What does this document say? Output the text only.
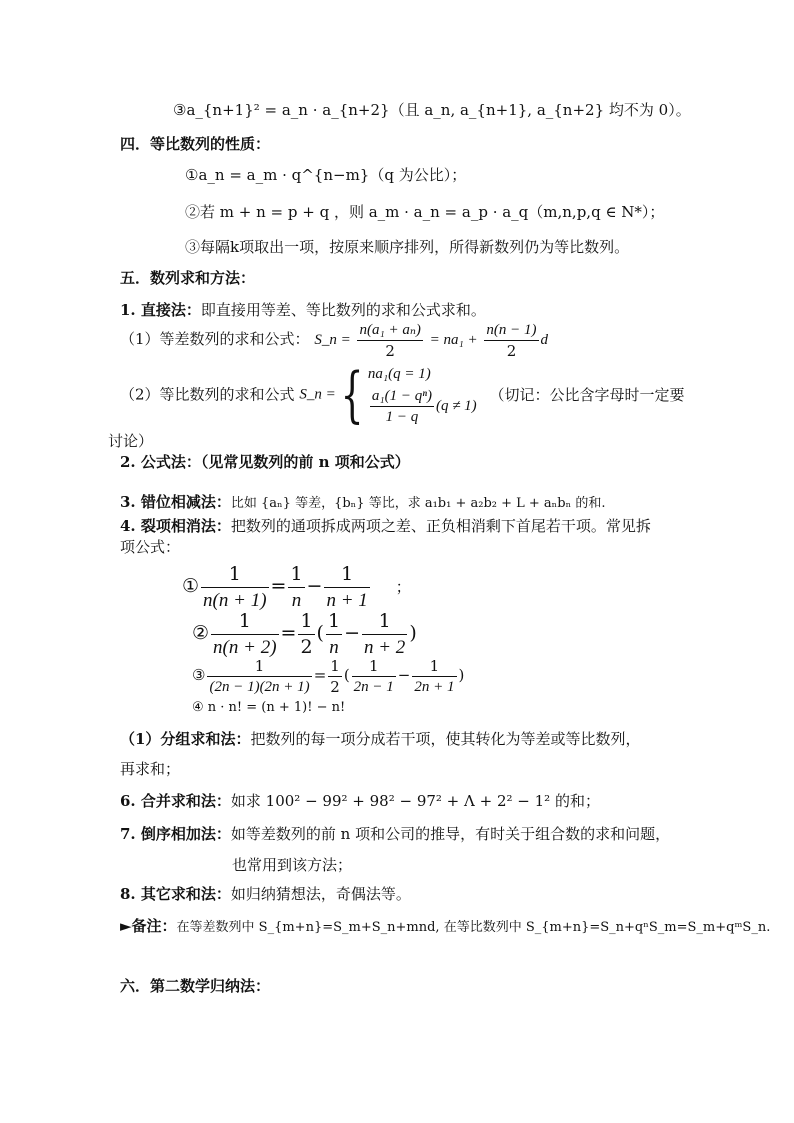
③a_{n+1}² = a_n · a_{n+2}（且 a_n, a_{n+1}, a_{n+2} 均不为 0）。
四．等比数列的性质：
①a_n = a_m · q^{n−m}（q 为公比）；
②若 m + n = p + q ，则 a_m · a_n = a_p · a_q（m,n,p,q ∈ N*）；
③每隔k项取出一项，按原来顺序排列，所得新数列仍为等比数列。
五．数列求和方法：
1. 直接法：即直接用等差、等比数列的求和公式求和。
（1）等差数列的求和公式： S_n = $\frac{\text{n(a₁ + aₙ)}}{2} = na_1 + \frac{n(n - 1)}{2}$ d
（2）等比数列的求和公式 S_n ={ na₁(q = 1)
$\frac{\text{a₁(1 − qⁿ)}}{1 - q} (q \ne 1)$
（切记：公比含字母时一定要
讨论）
2. 公式法：（见常见数列的前 n 项和公式）
3. 错位相减法：比如 {aₙ} 等差，{bₙ} 等比，求 a₁b₁ + a₂b₂ + L + aₙbₙ 的和.
4. 裂项相消法：把数列的通项拆成两项之差、正负相消剩下首尾若干项。常见拆
项公式：
① $\frac{1}{n(n + 1)} = \frac{1}{n} - \frac{1}{n + 1}$ ；
② $\frac{1}{n(n + 2)} = \frac{1}{2}$ ( $\frac{1}{n} - \frac{1}{n + 2}$ )
③ $\frac{1}{(2n - 1)(2n + 1)} = \frac{1}{2}$ ( $\frac{1}{2n - 1} - \frac{1}{2n + 1}$ )
④ n · n! = (n + 1)! − n!
（1）分组求和法：把数列的每一项分成若干项，使其转化为等差或等比数列，
再求和；
6. 合并求和法：如求 100² − 99² + 98² − 97² + Λ + 2² − 1² 的和；
7. 倒序相加法：如等差数列的前 n 项和公司的推导，有时关于组合数的求和问题，
也常用到该方法；
8. 其它求和法：如归纳猜想法，奇偶法等。
►备注：在等差数列中 S_{m+n}=S_m+S_n+mnd, 在等比数列中 S_{m+n}=S_n+qⁿS_m=S_m+qᵐS_n.
六．第二数学归纳法：
